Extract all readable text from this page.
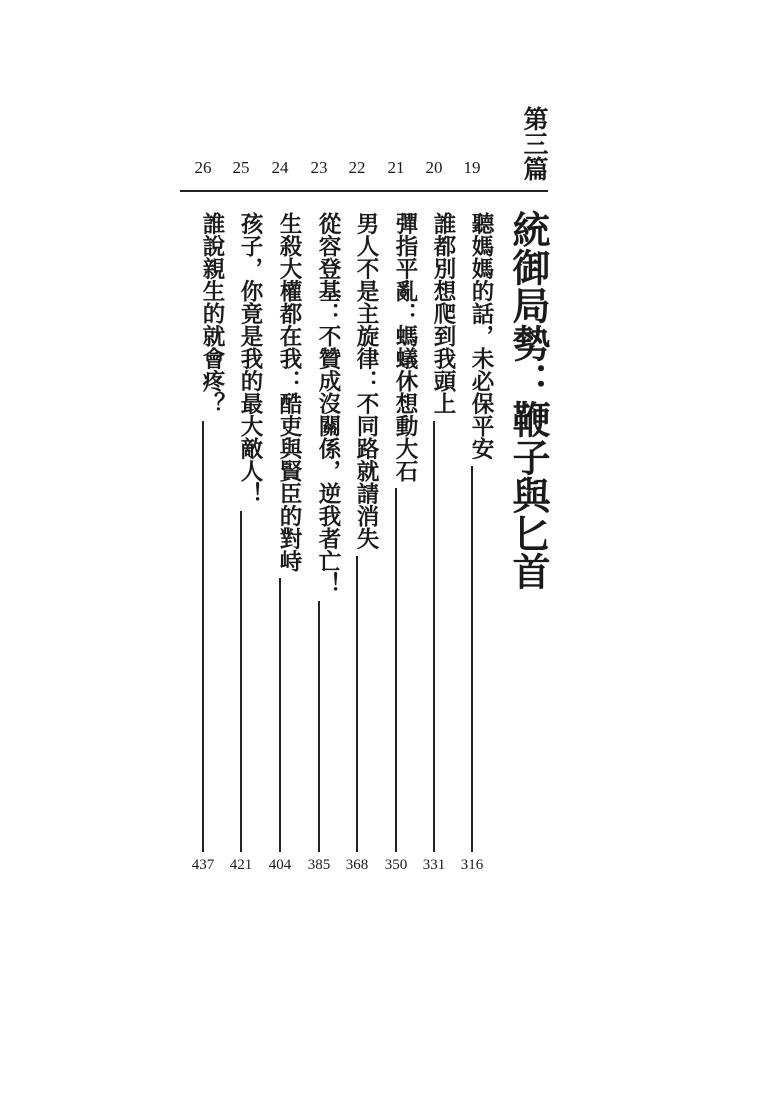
第三篇
統御局勢：鞭子與匕首
19
聽媽媽的話，未必保平安
316
20
誰都別想爬到我頭上
331
21
彈指平亂：螞蟻休想動大石
350
22
男人不是主旋律：不同路就請消失
368
23
從容登基：不贊成沒關係，逆我者亡！
385
24
生殺大權都在我：酷吏與賢臣的對峙
404
25
孩子，你竟是我的最大敵人！
421
26
誰說親生的就會疼？
437
